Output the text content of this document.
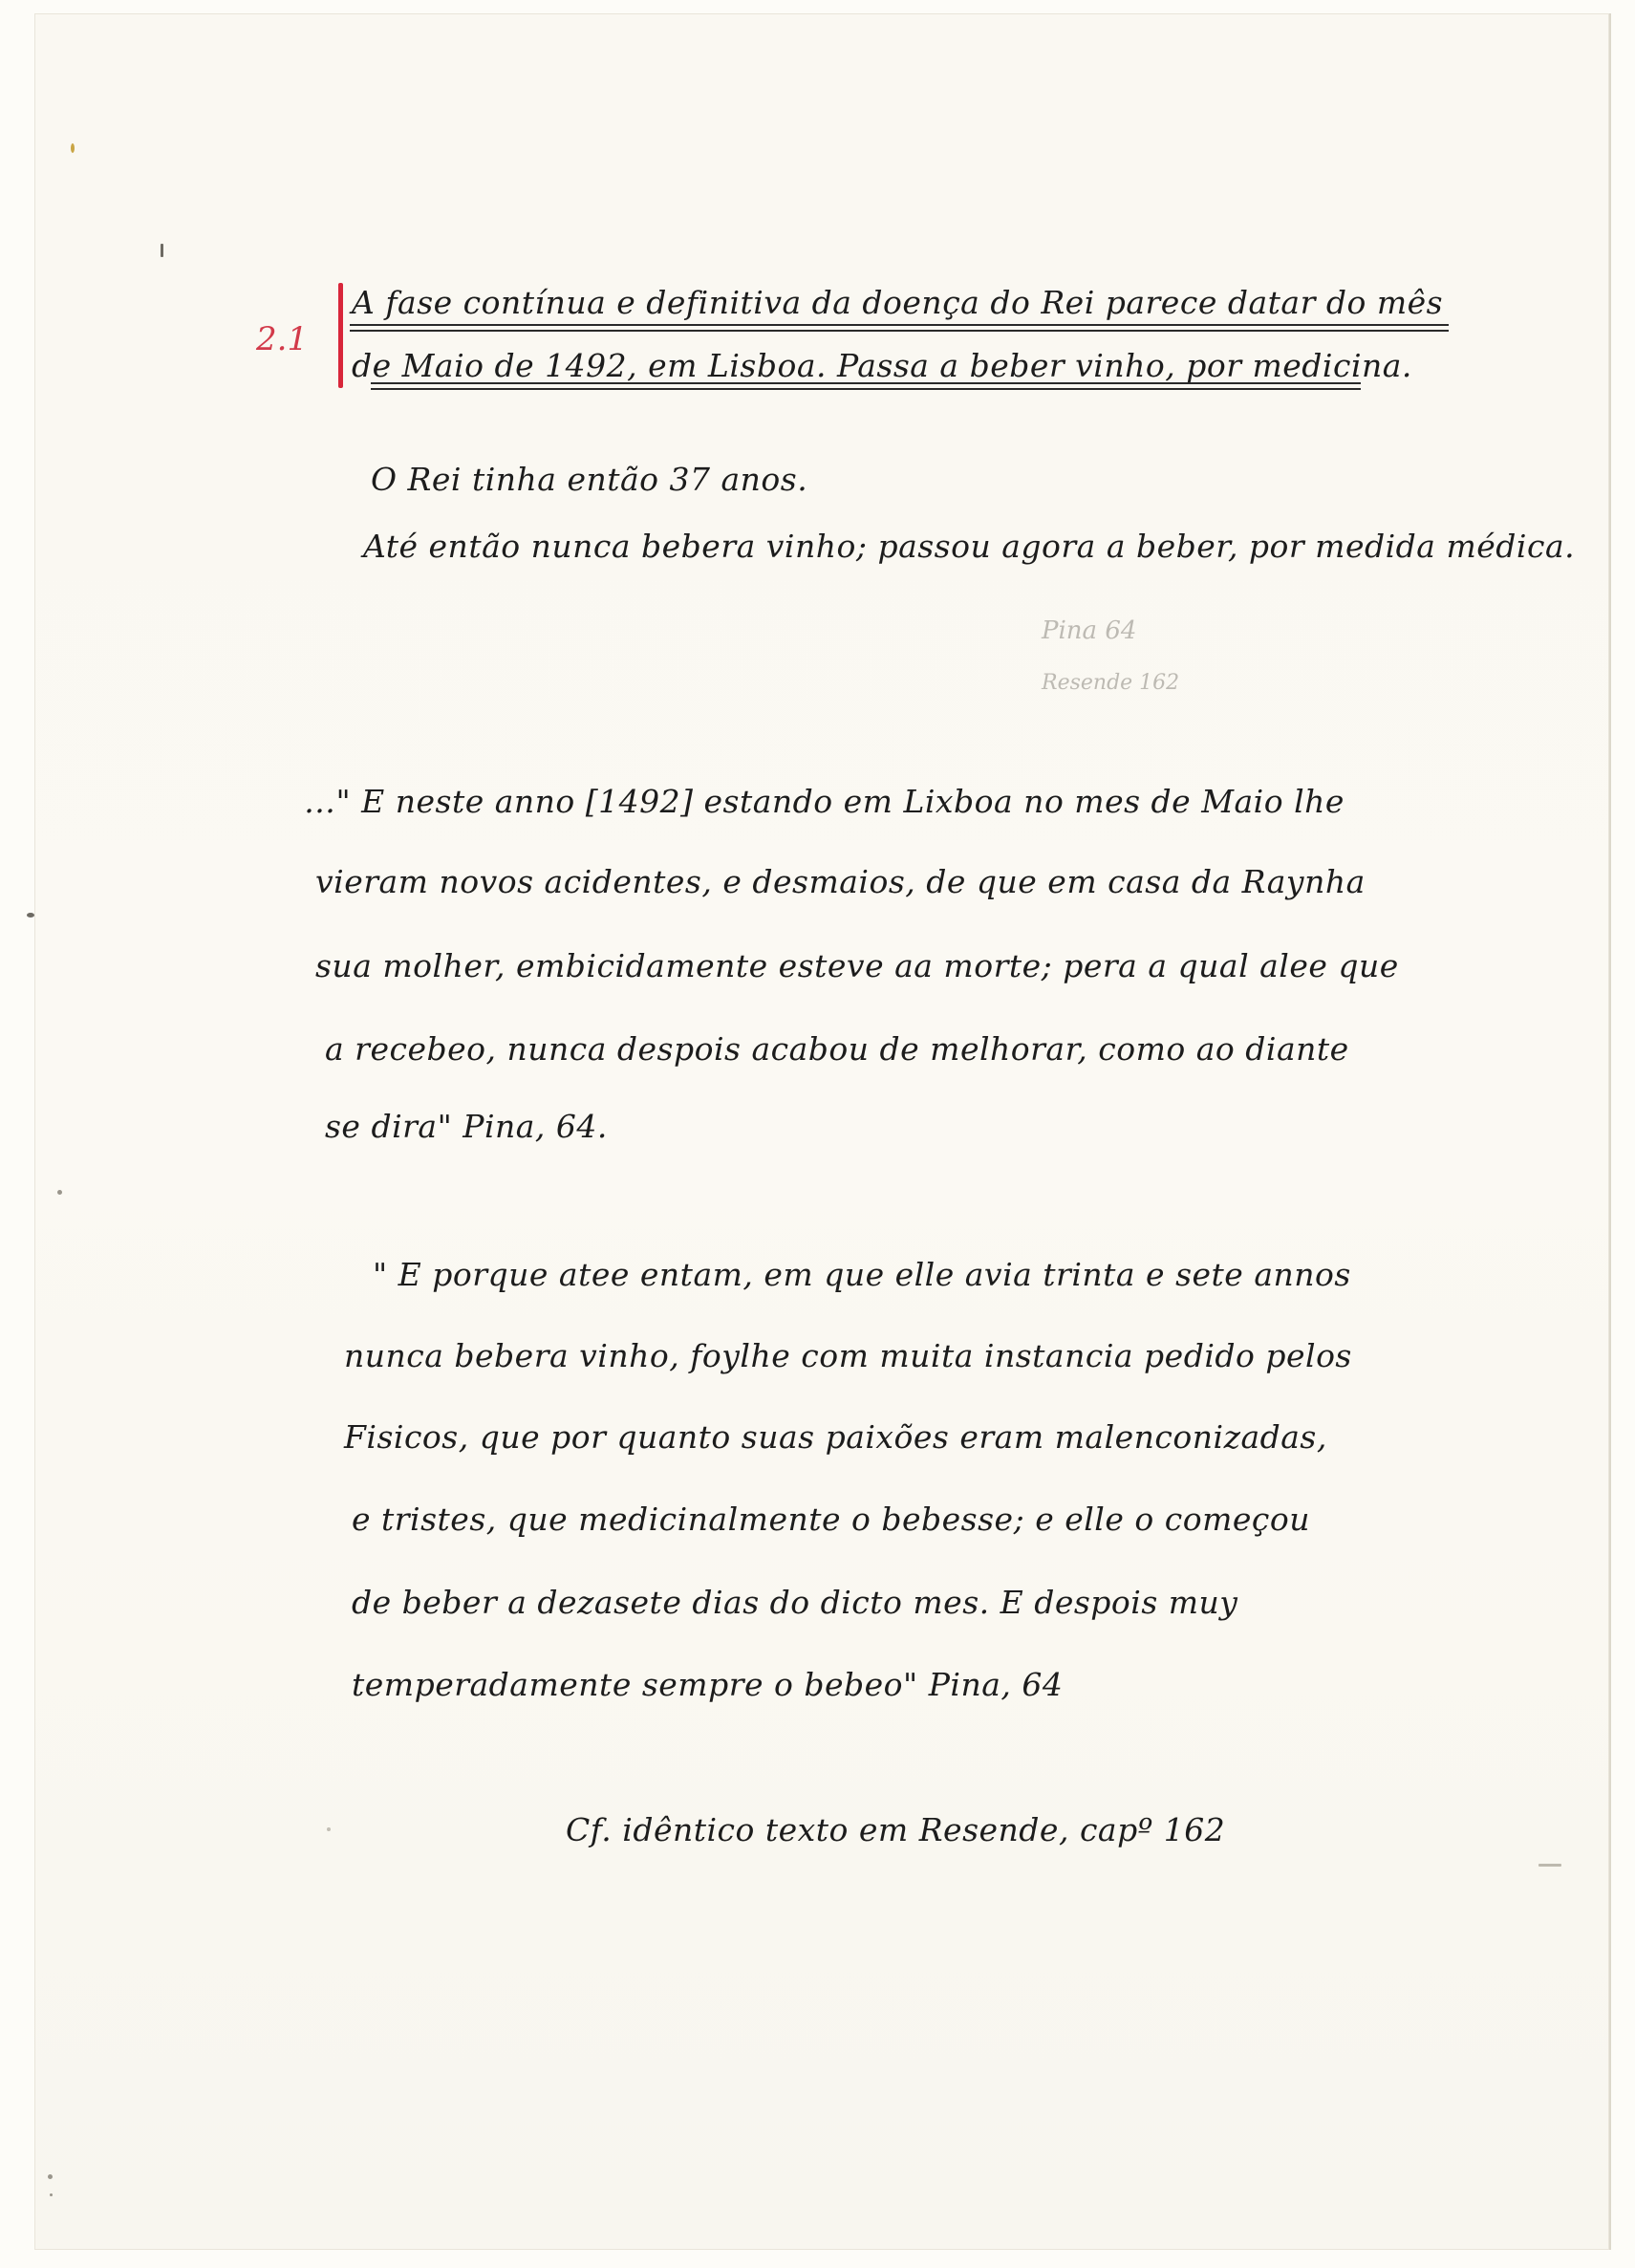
2.1
A fase contínua e definitiva da doença do Rei parece datar do mês
de Maio de 1492, em Lisboa. Passa a beber vinho, por medicina.
O Rei tinha então 37 anos.
Até então nunca bebera vinho; passou agora a beber, por medida médica.
Pina 64
Resende 162
…" E neste anno [1492] estando em Lixboa no mes de Maio lhe
vieram novos acidentes, e desmaios, de que em casa da Raynha
sua molher, embicidamente esteve aa morte; pera a qual alee que
a recebeo, nunca despois acabou de melhorar, como ao diante
se dira" Pina, 64.
" E porque atee entam, em que elle avia trinta e sete annos
nunca bebera vinho, foylhe com muita instancia pedido pelos
Fisicos, que por quanto suas paixões eram malenconizadas,
e tristes, que medicinalmente o bebesse; e elle o começou
de beber a dezasete dias do dicto mes. E despois muy
temperadamente sempre o bebeo" Pina, 64
Cf. idêntico texto em Resende, capº 162
